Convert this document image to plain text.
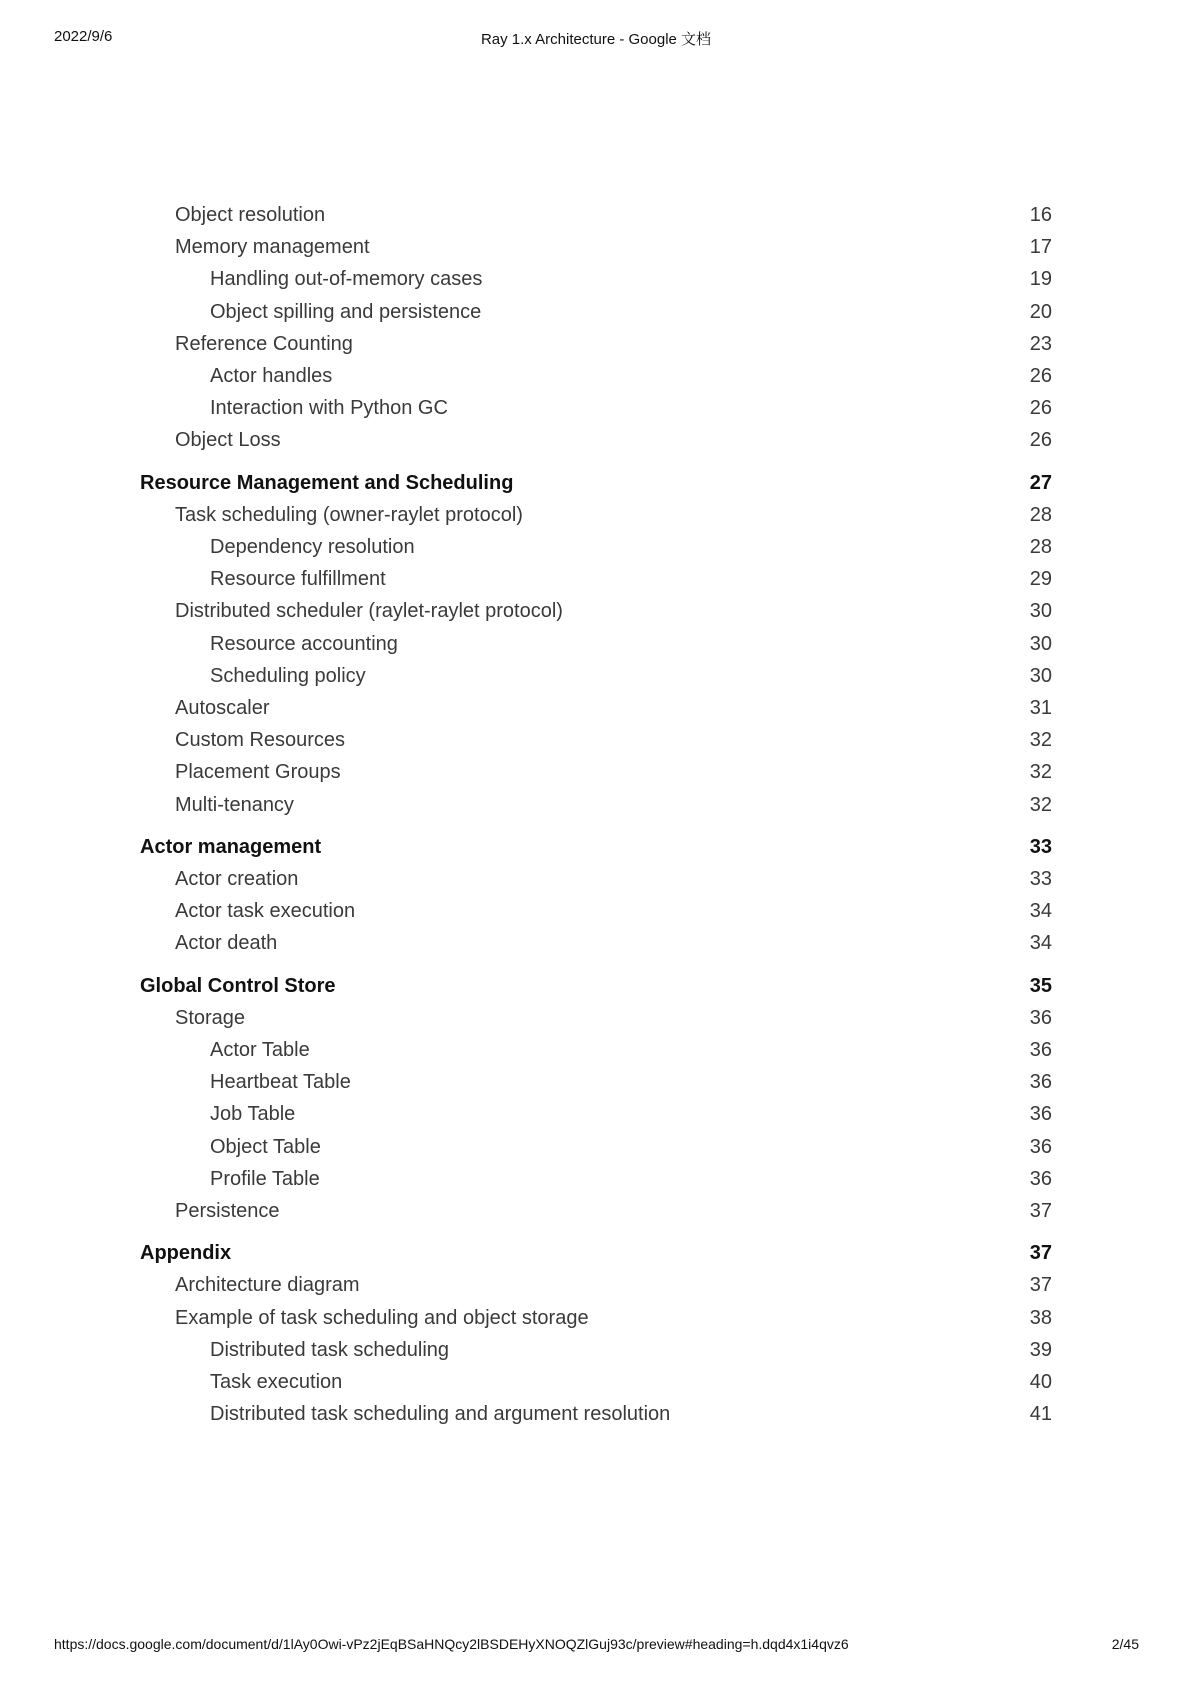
2022/9/6	Ray 1.x Architecture - Google 文档
Object resolution	16
Memory management	17
Handling out-of-memory cases	19
Object spilling and persistence	20
Reference Counting	23
Actor handles	26
Interaction with Python GC	26
Object Loss	26
Resource Management and Scheduling	27
Task scheduling (owner-raylet protocol)	28
Dependency resolution	28
Resource fulfillment	29
Distributed scheduler (raylet-raylet protocol)	30
Resource accounting	30
Scheduling policy	30
Autoscaler	31
Custom Resources	32
Placement Groups	32
Multi-tenancy	32
Actor management	33
Actor creation	33
Actor task execution	34
Actor death	34
Global Control Store	35
Storage	36
Actor Table	36
Heartbeat Table	36
Job Table	36
Object Table	36
Profile Table	36
Persistence	37
Appendix	37
Architecture diagram	37
Example of task scheduling and object storage	38
Distributed task scheduling	39
Task execution	40
Distributed task scheduling and argument resolution	41
https://docs.google.com/document/d/1lAy0Owi-vPz2jEqBSaHNQcy2lBSDEHyXNOQZlGuj93c/preview#heading=h.dqd4x1i4qvz6	2/45
